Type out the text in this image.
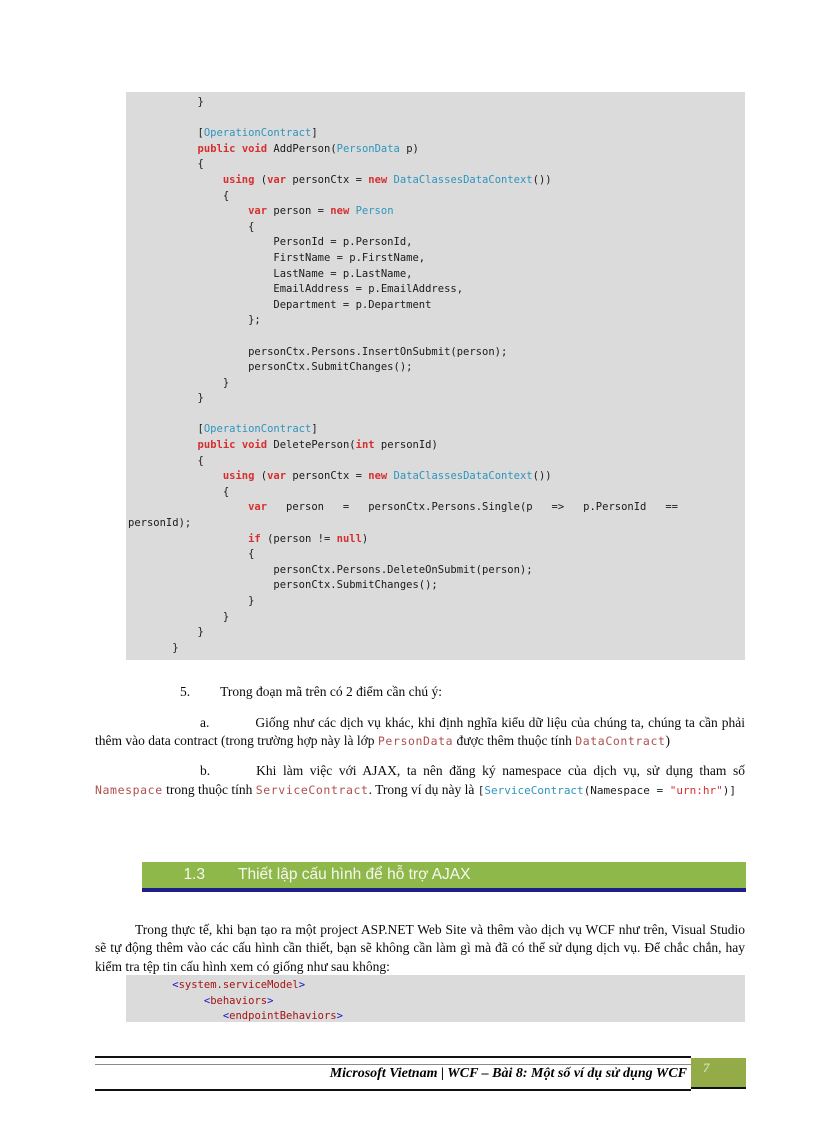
}

[OperationContract]
public void AddPerson(PersonData p)
{
using (var personCtx = new DataClassesDataContext())
{
var person = new Person
{
PersonId = p.PersonId,
FirstName = p.FirstName,
LastName = p.LastName,
EmailAddress = p.EmailAddress,
Department = p.Department
};

personCtx.Persons.InsertOnSubmit(person);
personCtx.SubmitChanges();
}
}

[OperationContract]
public void DeletePerson(int personId)
{
using (var personCtx = new DataClassesDataContext())
{
var   person   =   personCtx.Persons.Single(p   =>   p.PersonId   ==
personId);
if (person != null)
{
personCtx.Persons.DeleteOnSubmit(person);
personCtx.SubmitChanges();
}
}
}
}

5. Trong đoạn mã trên có 2 điểm cần chú ý:

a.	Giống như các dịch vụ khác, khi định nghĩa kiểu dữ liệu của chúng ta, chúng ta cần phải thêm vào data contract (trong trường hợp này là lớp PersonData được thêm thuộc tính DataContract)

b.	Khi làm việc với AJAX, ta nên đăng ký namespace của dịch vụ, sử dụng tham số Namespace trong thuộc tính ServiceContract. Trong ví dụ này là [ServiceContract(Namespace = "urn:hr")]

1.3 Thiết lập cấu hình để hỗ trợ AJAX

Trong thực tế, khi bạn tạo ra một project ASP.NET Web Site và thêm vào dịch vụ WCF như trên, Visual Studio sẽ tự động thêm vào các cấu hình cần thiết, bạn sẽ không cần làm gì mà đã có thể sử dụng dịch vụ. Để chắc chắn, hay kiểm tra tệp tin cấu hình xem có giống như sau không:

<system.serviceModel>
<behaviors>
<endpointBehaviors>
Microsoft Vietnam | WCF – Bài 8: Một số ví dụ sử dụng WCF	7
